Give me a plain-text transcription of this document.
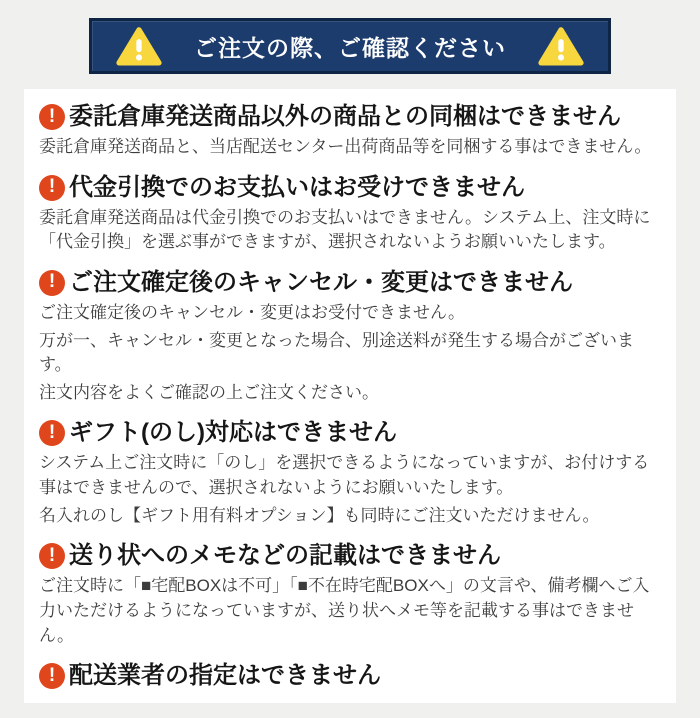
ご注文の際、ご確認ください
! 委託倉庫発送商品以外の商品との同梱はできません

委託倉庫発送商品と、当店配送センター出荷商品等を同梱する事はできません。

! 代金引換でのお支払いはお受けできません

委託倉庫発送商品は代金引換でのお支払いはできません。システム上、注文時に「代金引換」を選ぶ事ができますが、選択されないようお願いいたします。

! ご注文確定後のキャンセル・変更はできません

ご注文確定後のキャンセル・変更はお受付できません。

万が一、キャンセル・変更となった場合、別途送料が発生する場合がございます。

注文内容をよくご確認の上ご注文ください。

! ギフト(のし)対応はできません

システム上ご注文時に「のし」を選択できるようになっていますが、お付けする事はできませんので、選択されないようにお願いいたします。

名入れのし【ギフト用有料オプション】も同時にご注文いただけません。

! 送り状へのメモなどの記載はできません

ご注文時に「■宅配BOXは不可」「■不在時宅配BOXへ」の文言や、備考欄へご入力いただけるようになっていますが、送り状へメモ等を記載する事はできません。

! 配送業者の指定はできません
